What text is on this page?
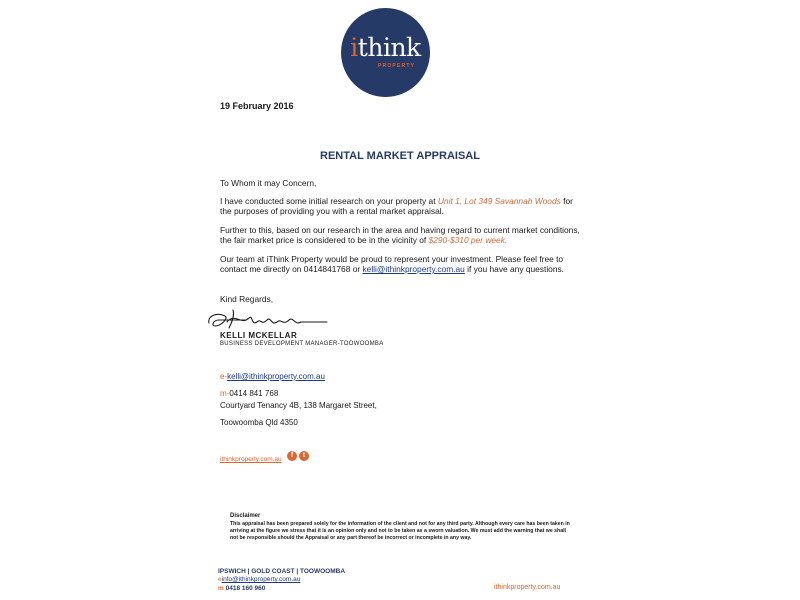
ithink
PROPERTY
19 February 2016
RENTAL MARKET APPRAISAL
To Whom it may Concern,
I have conducted some initial research on your property at Unit 1, Lot 349 Savannah Woods for
the purposes of providing you with a rental market appraisal.
Further to this, based on our research in the area and having regard to current market conditions,
the fair market price is considered to be in the vicinity of $290-$310 per week.
Our team at iThink Property would be proud to represent your investment. Please feel free to
contact me directly on 0414841768 or kelli@ithinkproperty.com.au if you have any questions.
Kind Regards,
KELLI MCKELLAR
BUSINESS DEVELOPMENT MANAGER-TOOWOOMBA
e-kelli@ithinkproperty.com.au
m-0414 841 768
Courtyard Tenancy 4B, 138 Margaret Street,
Toowoomba Qld 4350
ithinkproperty.com.au
f	t
Disclaimer
This appraisal has been prepared solely for the information of the client and not for any third party. Although every care has been taken in arriving at the figure we stress that it is an opinion only and not to be taken as a sworn valuation. We must add the warning that we shall not be responsible should the Appraisal or any part thereof be incorrect or incomplete in any way.
IPSWICH | GOLD COAST | TOOWOOMBA
einfo@ithinkproperty.com.au
m 0418 160 960	ithinkproperty.com.au
